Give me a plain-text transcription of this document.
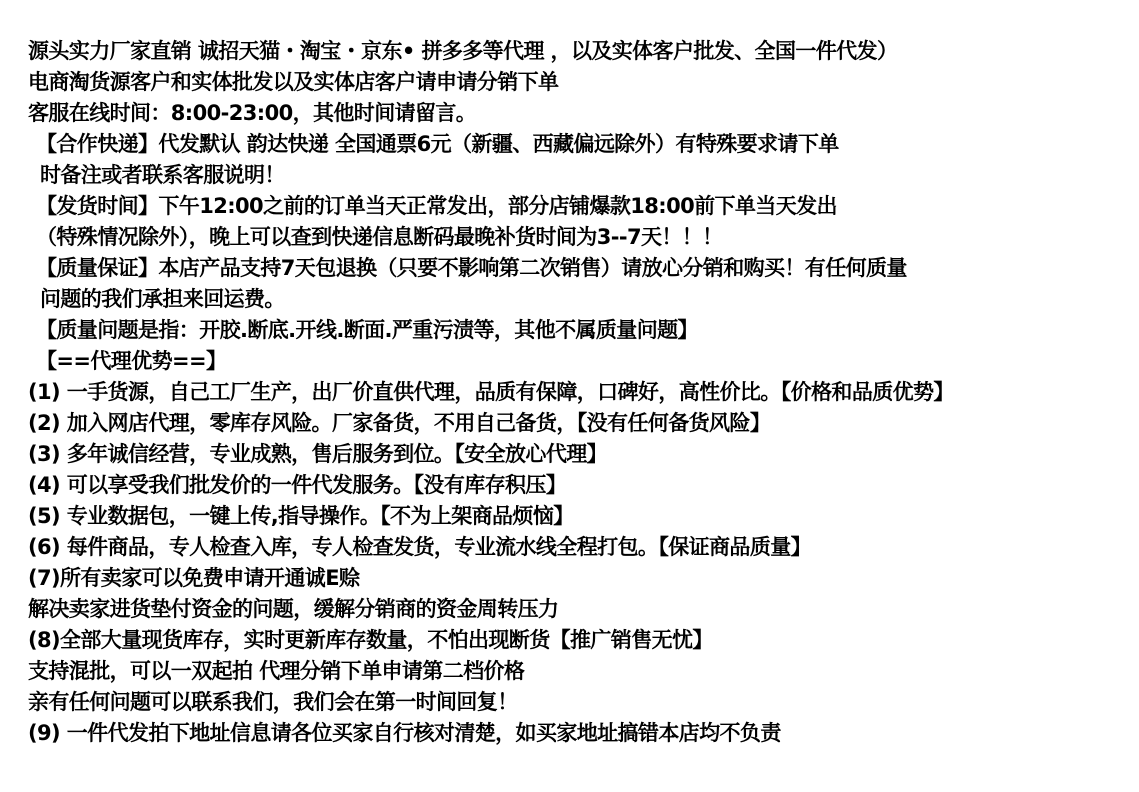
源头实力厂家直销 诚招天猫・淘宝・京东• 拼多多等代理 ，以及实体客户批发、全国一件代发）
电商淘货源客户和实体批发以及实体店客户请申请分销下单
客服在线时间：8:00-23:00，其他时间请留言。
【合作快递】代发默认 韵达快递 全国通票6元（新疆、西藏偏远除外）有特殊要求请下单
时备注或者联系客服说明！
【发货时间】下午12:00之前的订单当天正常发出，部分店铺爆款18:00前下单当天发出
（特殊情况除外），晚上可以查到快递信息断码最晚补货时间为3--7天！！！
【质量保证】本店产品支持7天包退换（只要不影响第二次销售）请放心分销和购买！有任何质量
问题的我们承担来回运费。
【质量问题是指：开胶.断底.开线.断面.严重污渍等，其他不属质量问题】
【==代理优势==】
(1) 一手货源，自己工厂生产，出厂价直供代理，品质有保障，口碑好，高性价比。【价格和品质优势】
(2) 加入网店代理，零库存风险。厂家备货，不用自己备货，【没有任何备货风险】
(3) 多年诚信经营，专业成熟，售后服务到位。【安全放心代理】
(4) 可以享受我们批发价的一件代发服务。【没有库存积压】
(5) 专业数据包，一键上传,指导操作。【不为上架商品烦恼】
(6) 每件商品，专人检查入库，专人检查发货，专业流水线全程打包。【保证商品质量】
(7)所有卖家可以免费申请开通诚E赊
解决卖家进货垫付资金的问题，缓解分销商的资金周转压力
(8)全部大量现货库存，实时更新库存数量，不怕出现断货【推广销售无忧】
支持混批，可以一双起拍 代理分销下单申请第二档价格
亲有任何问题可以联系我们，我们会在第一时间回复！
(9) 一件代发拍下地址信息请各位买家自行核对清楚，如买家地址搞错本店均不负责
